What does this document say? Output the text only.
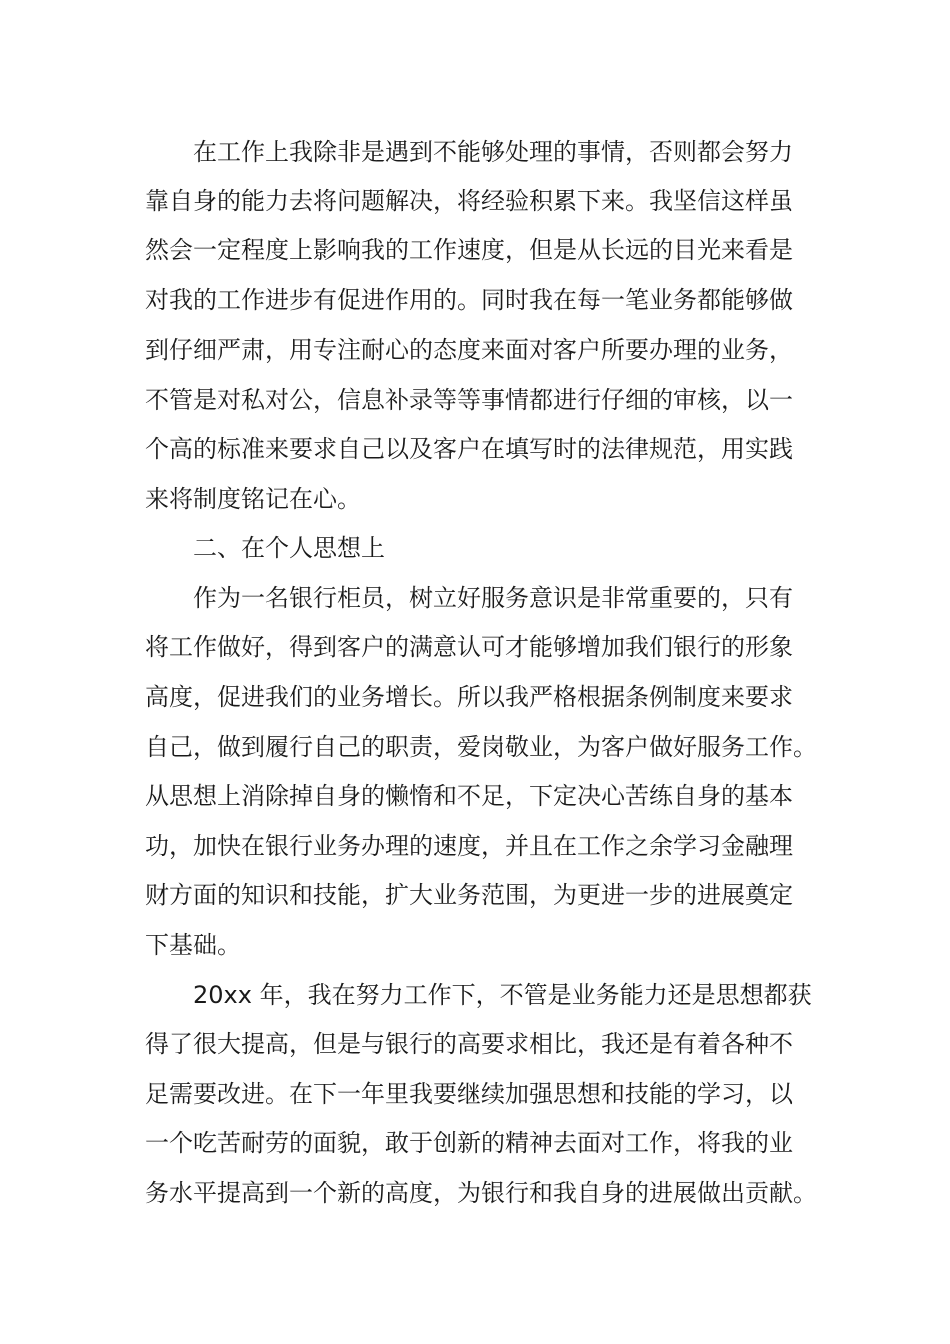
在工作上我除非是遇到不能够处理的事情，否则都会努力
靠自身的能力去将问题解决，将经验积累下来。我坚信这样虽
然会一定程度上影响我的工作速度，但是从长远的目光来看是
对我的工作进步有促进作用的。同时我在每一笔业务都能够做
到仔细严肃，用专注耐心的态度来面对客户所要办理的业务，
不管是对私对公，信息补录等等事情都进行仔细的审核，以一
个高的标准来要求自己以及客户在填写时的法律规范，用实践
来将制度铭记在心。
二、在个人思想上
作为一名银行柜员，树立好服务意识是非常重要的，只有
将工作做好，得到客户的满意认可才能够增加我们银行的形象
高度，促进我们的业务增长。所以我严格根据条例制度来要求
自己，做到履行自己的职责，爱岗敬业，为客户做好服务工作。
从思想上消除掉自身的懒惰和不足，下定决心苦练自身的基本
功，加快在银行业务办理的速度，并且在工作之余学习金融理
财方面的知识和技能，扩大业务范围，为更进一步的进展奠定
下基础。
20xx 年，我在努力工作下，不管是业务能力还是思想都获
得了很大提高，但是与银行的高要求相比，我还是有着各种不
足需要改进。在下一年里我要继续加强思想和技能的学习，以
一个吃苦耐劳的面貌，敢于创新的精神去面对工作，将我的业
务水平提高到一个新的高度，为银行和我自身的进展做出贡献。
